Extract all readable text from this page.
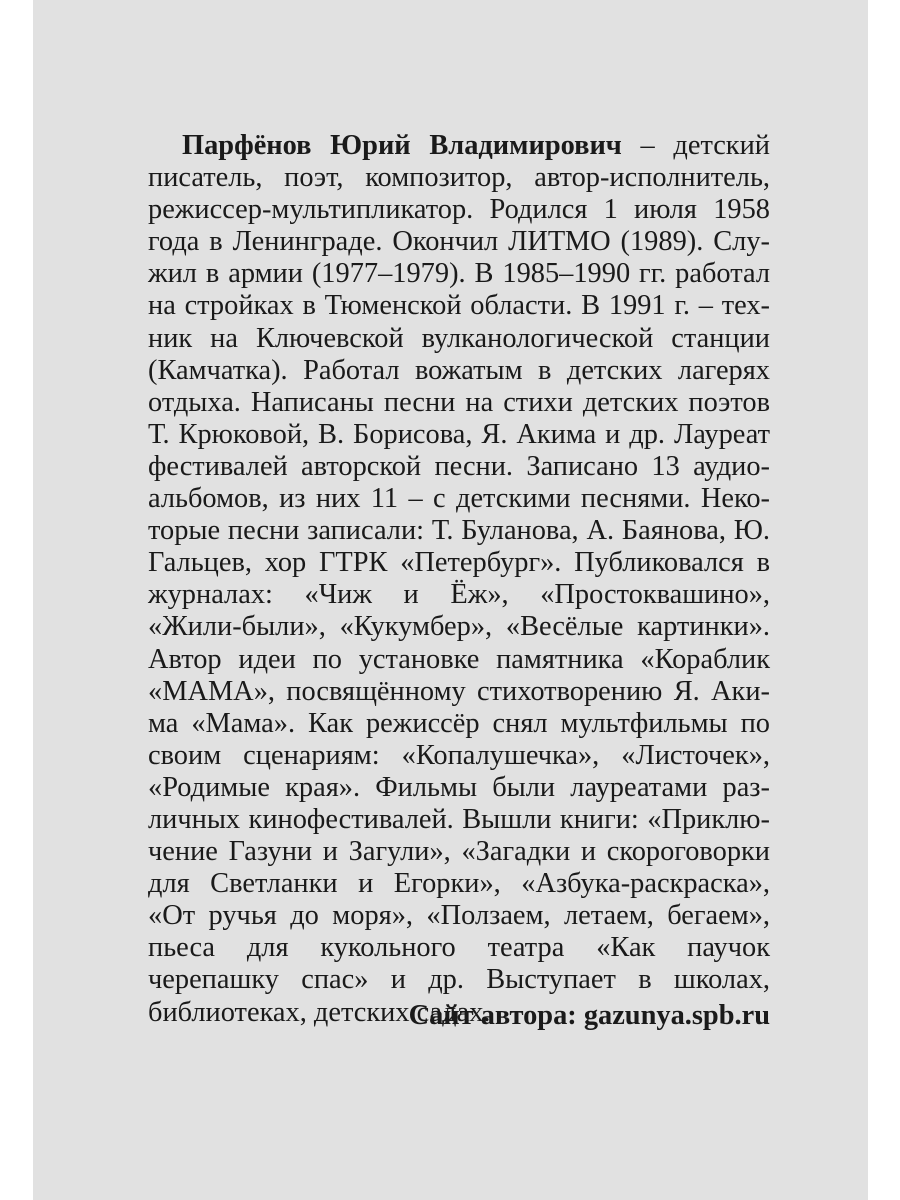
Парфёнов Юрий Владимирович – детский писатель, поэт, композитор, автор-исполнитель, режиссер-мультипликатор. Родился 1 июля 1958 года в Ленинграде. Окончил ЛИТМО (1989). Служил в армии (1977–1979). В 1985–1990 гг. работал на стройках в Тюменской области. В 1991 г. – техник на Ключевской вулканологической станции (Камчатка). Работал вожатым в детских лагерях отдыха. Написаны песни на стихи детских поэтов Т. Крюковой, В. Борисова, Я. Акима и др. Лауреат фестивалей авторской песни. Записано 13 аудиоальбомов, из них 11 – с детскими песнями. Некоторые песни записали: Т. Буланова, А. Баянова, Ю. Гальцев, хор ГТРК «Петербург». Публиковался в журналах: «Чиж и Ёж», «Простоквашино», «Жили-были», «Кукумбер», «Весёлые картинки». Автор идеи по установке памятника «Кораблик «МАМА», посвящённому стихотворению Я. Акима «Мама». Как режиссёр снял мультфильмы по своим сценариям: «Копалушечка», «Листочек», «Родимые края». Фильмы были лауреатами различных кинофестивалей. Вышли книги: «Приключение Газуни и Загули», «Загадки и скороговорки для Светланки и Егорки», «Азбука-раскраска», «От ручья до моря», «Ползаем, летаем, бегаем», пьеса для кукольного театра «Как паучок черепашку спас» и др. Выступает в школах, библиотеках, детских садах.

Сайт автора: gazunya.spb.ru
